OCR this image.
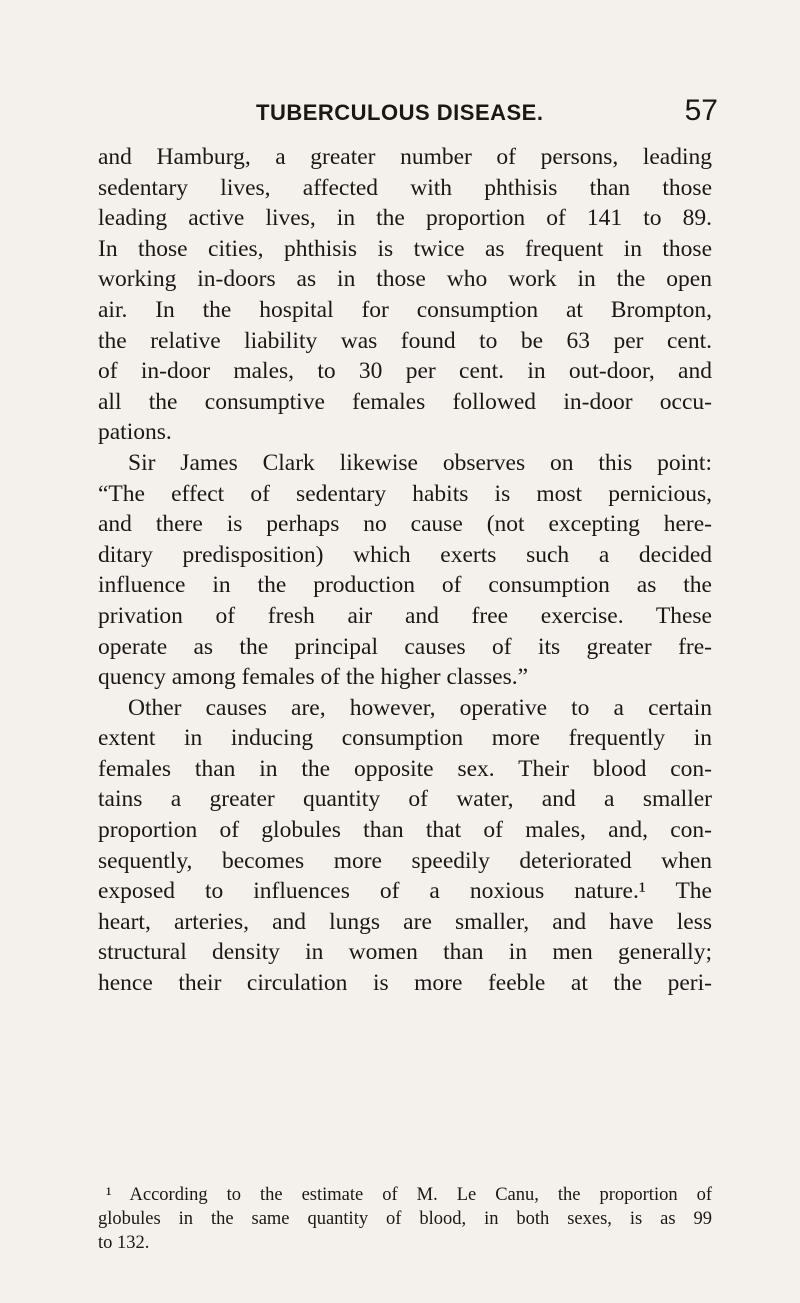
TUBERCULOUS DISEASE.	57
and Hamburg, a greater number of persons, leading
sedentary lives, affected with phthisis than those
leading active lives, in the proportion of 141 to 89.
In those cities, phthisis is twice as frequent in those
working in-doors as in those who work in the open
air. In the hospital for consumption at Brompton,
the relative liability was found to be 63 per cent.
of in-door males, to 30 per cent. in out-door, and
all the consumptive females followed in-door occu-
pations.
Sir James Clark likewise observes on this point:
“The effect of sedentary habits is most pernicious,
and there is perhaps no cause (not excepting here-
ditary predisposition) which exerts such a decided
influence in the production of consumption as the
privation of fresh air and free exercise. These
operate as the principal causes of its greater fre-
quency among females of the higher classes.”
Other causes are, however, operative to a certain
extent in inducing consumption more frequently in
females than in the opposite sex. Their blood con-
tains a greater quantity of water, and a smaller
proportion of globules than that of males, and, con-
sequently, becomes more speedily deteriorated when
exposed to influences of a noxious nature.¹ The
heart, arteries, and lungs are smaller, and have less
structural density in women than in men generally;
hence their circulation is more feeble at the peri-
¹ According to the estimate of M. Le Canu, the proportion of
globules in the same quantity of blood, in both sexes, is as 99
to 132.
